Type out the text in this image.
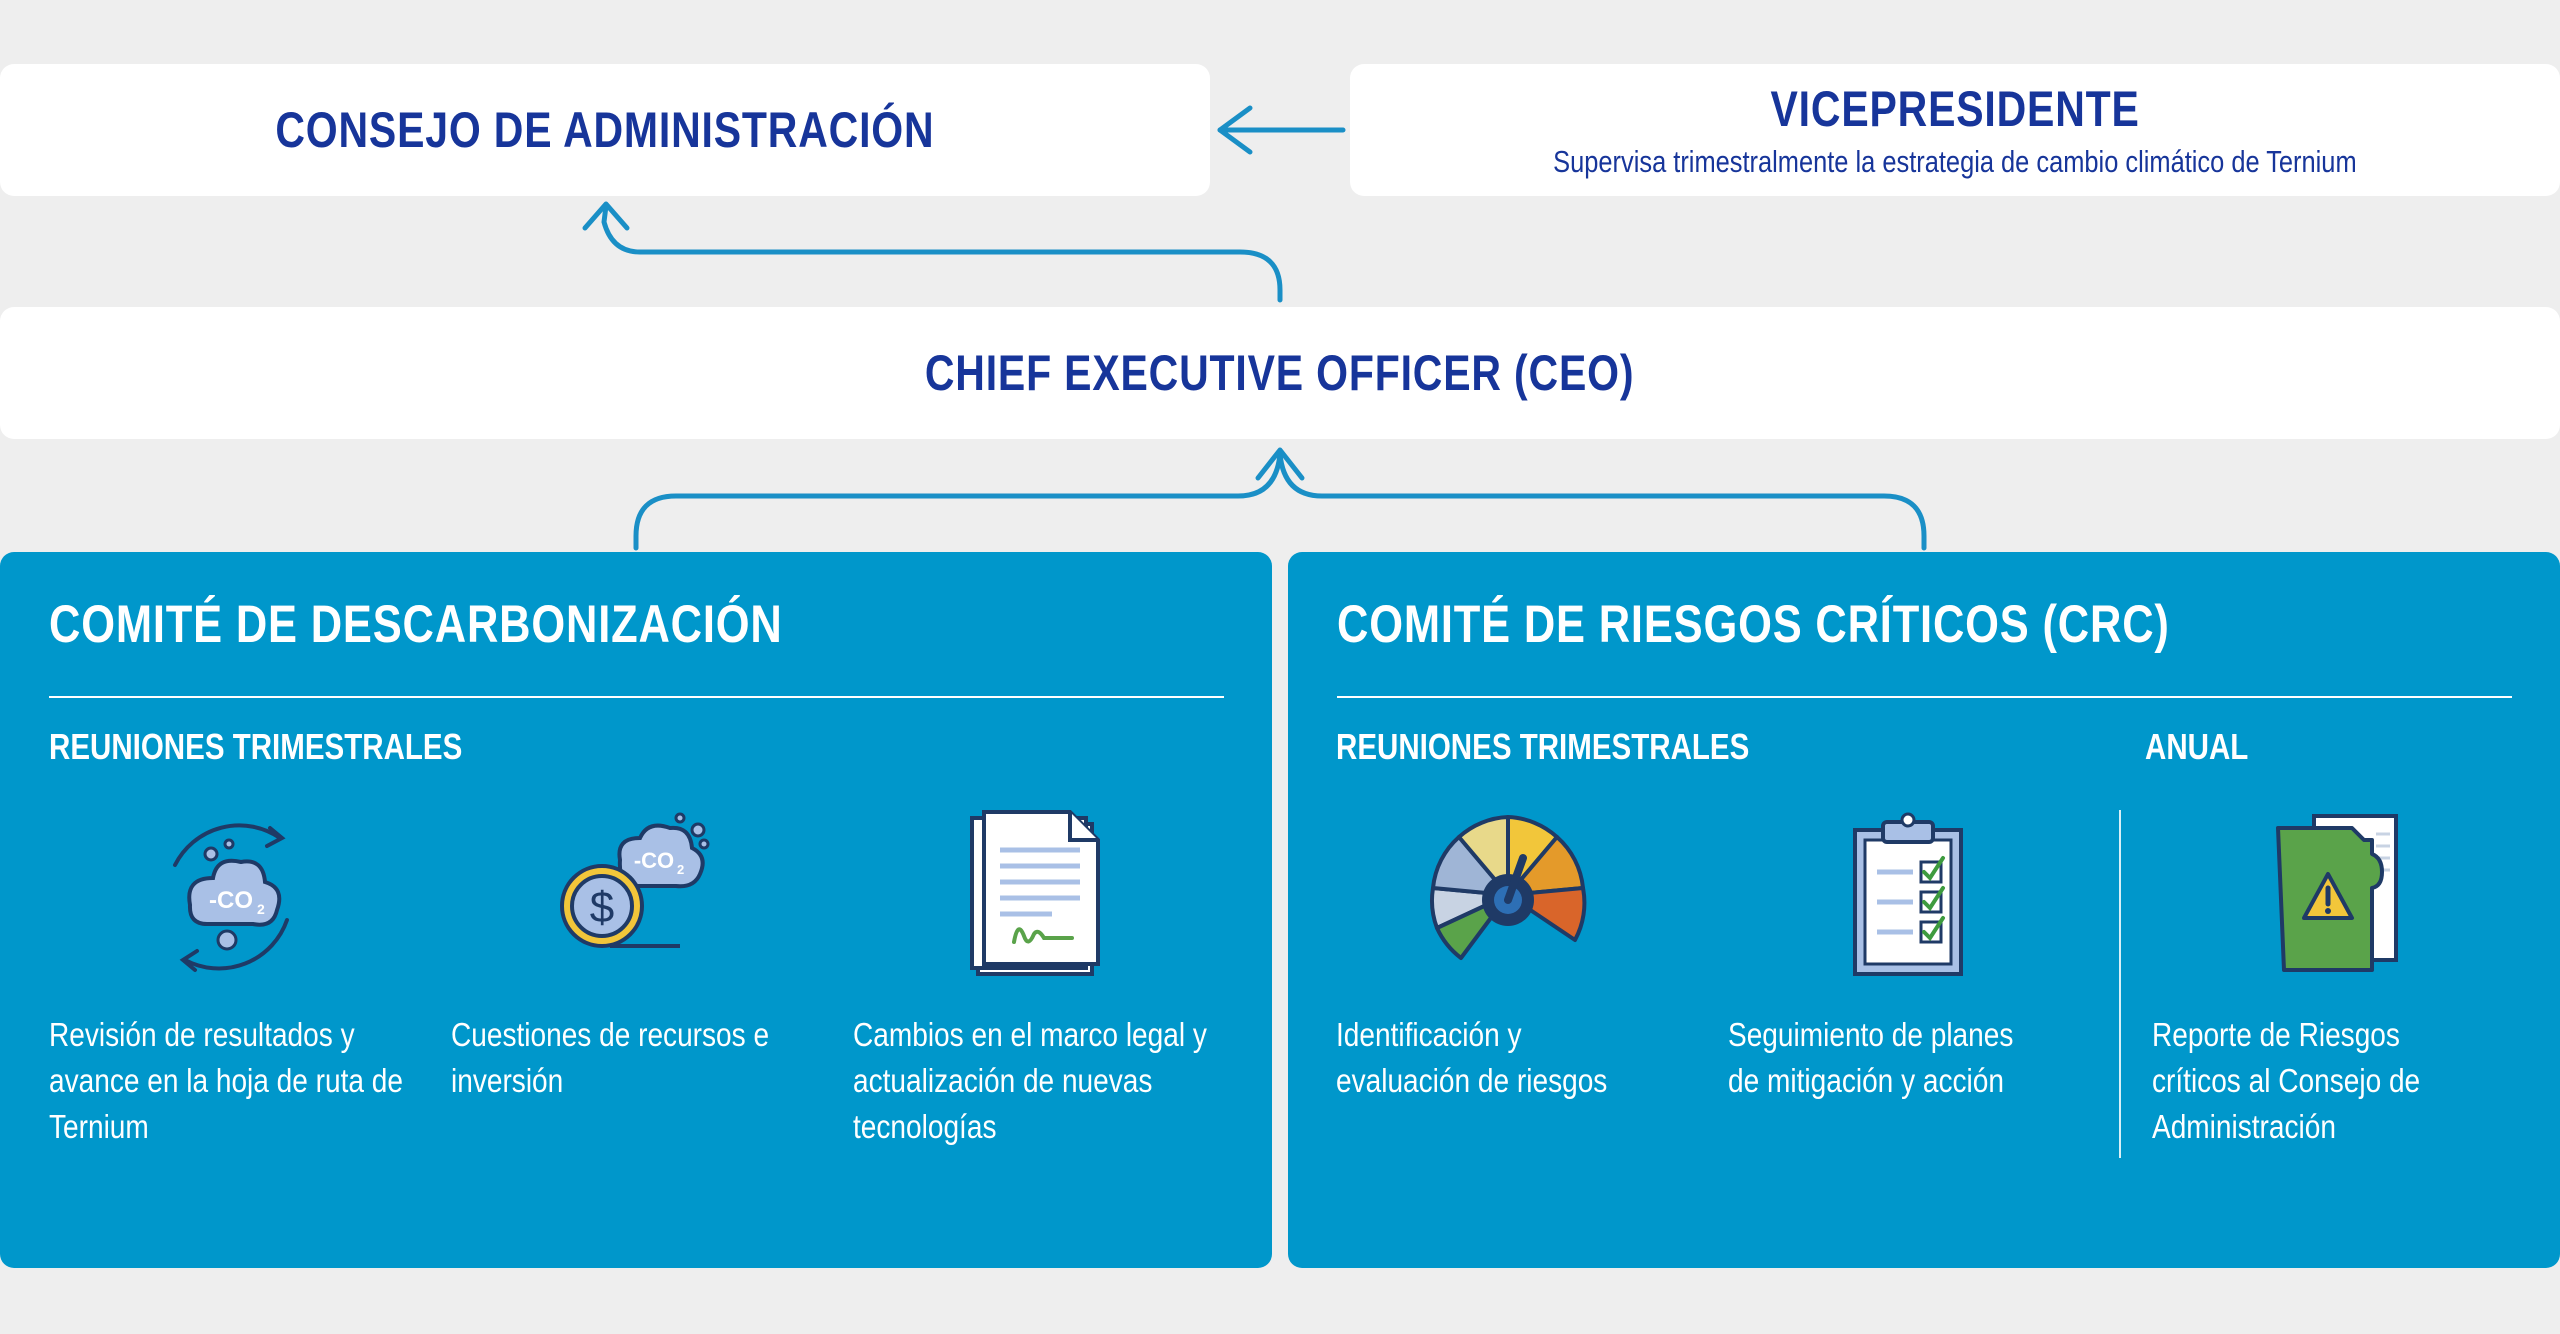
CONSEJO DE ADMINISTRACIÓN	VICEPRESIDENTE
Supervisa trimestralmente la estrategia de cambio climático de Ternium
CHIEF EXECUTIVE OFFICER (CEO)
COMITÉ DE DESCARBONIZACIÓN
REUNIONES TRIMESTRALES
-CO 2
-CO 2
$
Revisión de resultados y avance en la hoja de ruta de Ternium
Cuestiones de recursos e inversión
Cambios en el marco legal y actualización de nuevas tecnologías
COMITÉ DE RIESGOS CRÍTICOS (CRC)
REUNIONES TRIMESTRALES	ANUAL
Identificación y evaluación de riesgos
Seguimiento de planes de mitigación y acción
Reporte de Riesgos críticos al Consejo de Administración
